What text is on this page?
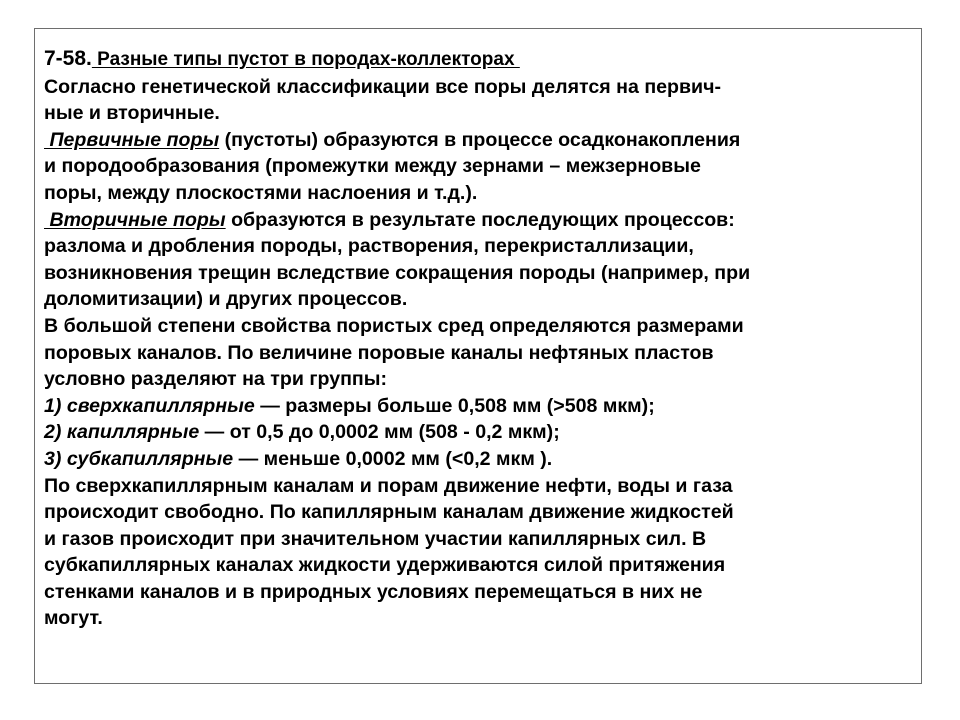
7-58. Разные типы пустот в породах-коллекторах
Согласно генетической классификации все поры делятся на первич-
ные и вторичные.
Первичные поры (пустоты) образуются в процессе осадконакопления
и породообразования (промежутки между зернами – межзерновые
поры, между плоскостями наслоения и т.д.).
Вторичные поры образуются в результате последующих процессов:
разлома и дробления породы, растворения, перекристаллизации,
возникновения трещин вследствие сокращения породы (например, при
доломитизации) и других процессов.
В большой степени свойства пористых сред определяются размерами
поровых каналов. По величине поровые каналы нефтяных пластов
условно разделяют на три группы:
1) сверхкапиллярные — размеры больше 0,508 мм (>508 мкм);
2) капиллярные — от 0,5 до 0,0002 мм (508 - 0,2 мкм);
3) субкапиллярные — меньше 0,0002 мм (<0,2 мкм ).
По сверхкапиллярным каналам и порам движение нефти, воды и газа
происходит свободно. По капиллярным каналам движение жидкостей
и газов происходит при значительном участии капиллярных сил. В
субкапиллярных каналах жидкости удерживаются силой притяжения
стенками каналов и в природных условиях перемещаться в них не
могут.
